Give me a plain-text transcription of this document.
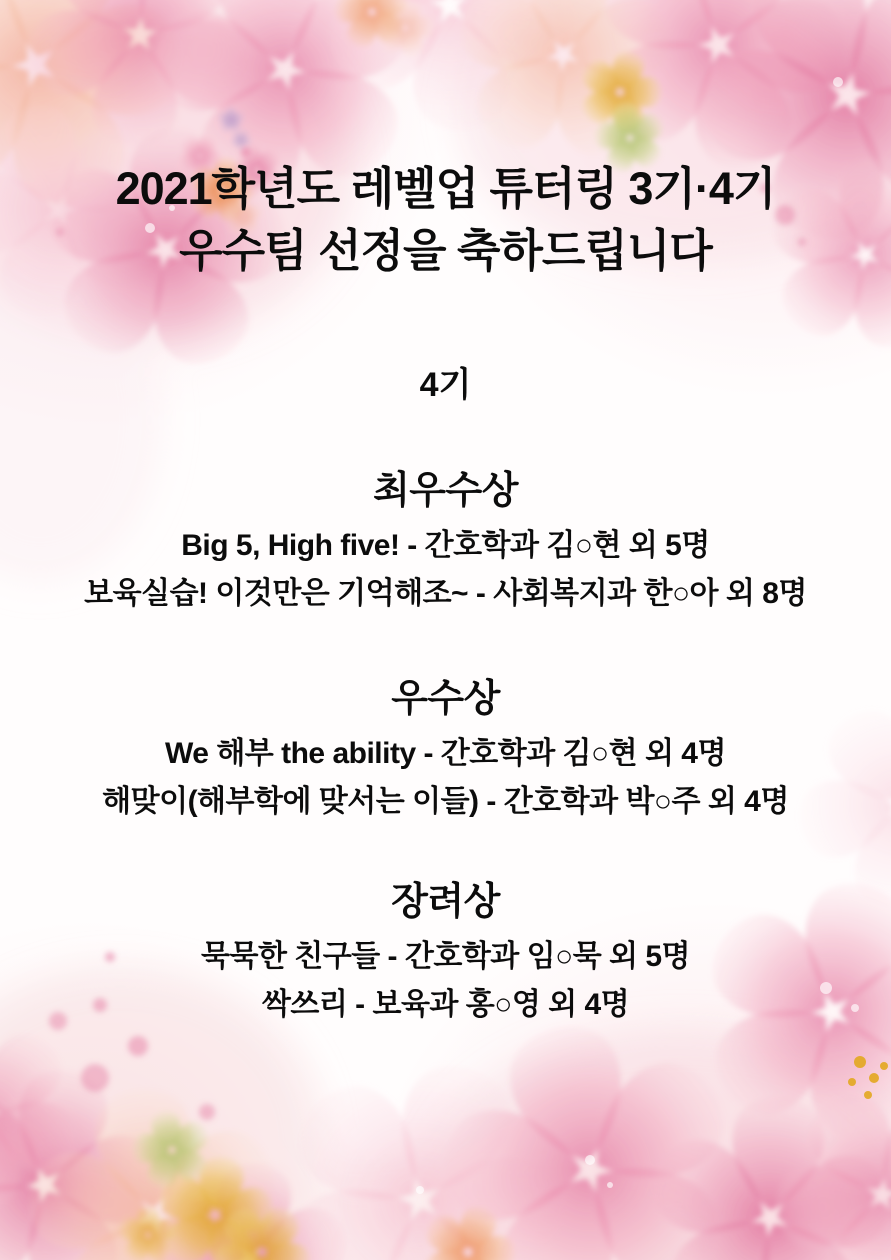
2021학년도 레벨업 튜터링 3기·4기
우수팀 선정을 축하드립니다
4기
최우수상
Big 5, High five! - 간호학과 김○현 외 5명
보육실습! 이것만은 기억해조~ - 사회복지과 한○아 외 8명
우수상
We 해부 the ability - 간호학과 김○현 외 4명
해맞이(해부학에 맞서는 이들) - 간호학과 박○주 외 4명
장려상
묵묵한 친구들 - 간호학과 임○묵 외 5명
싹쓰리 - 보육과 홍○영 외 4명
